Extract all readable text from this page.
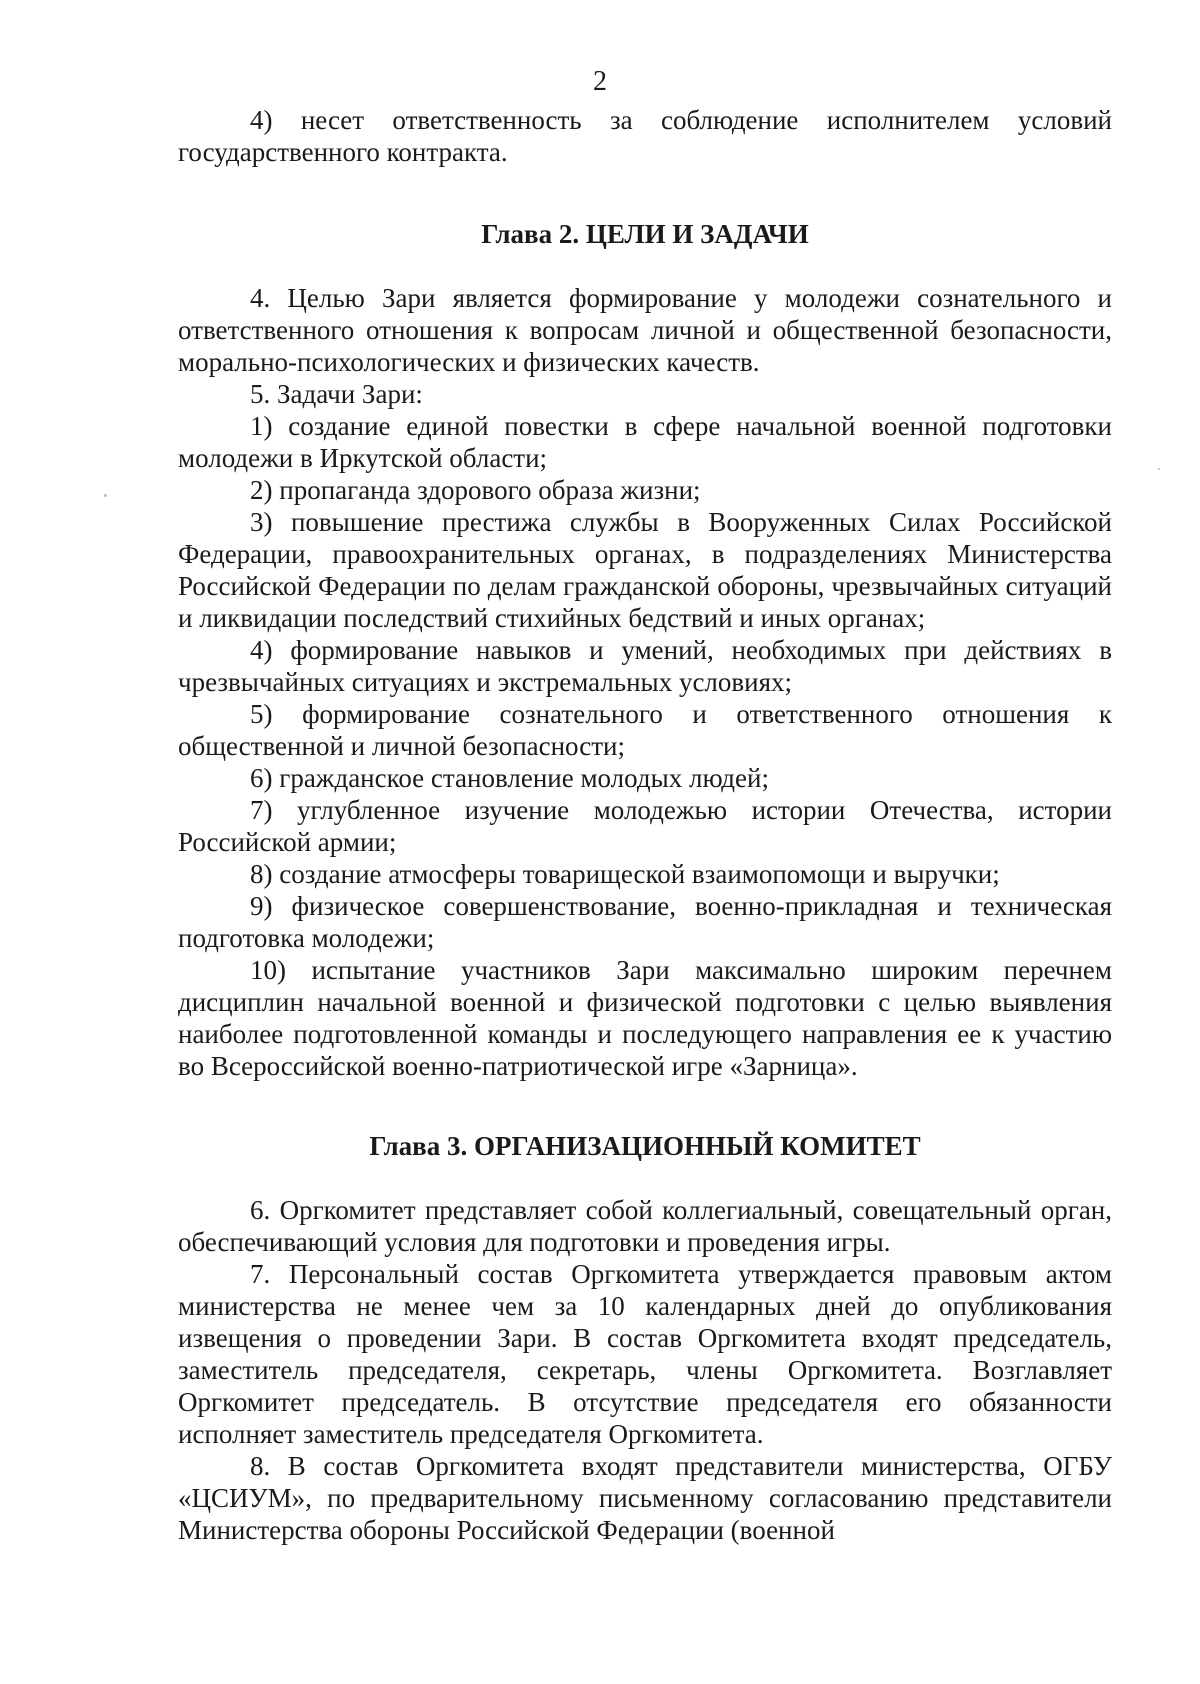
2

4) несет ответственность за соблюдение исполнителем условий государственного контракта.

Глава 2. ЦЕЛИ И ЗАДАЧИ

4. Целью Зари является формирование у молодежи сознательного и ответственного отношения к вопросам личной и общественной безопасности, морально-психологических и физических качеств.

5. Задачи Зари:

1) создание единой повестки в сфере начальной военной подготовки молодежи в Иркутской области;

2) пропаганда здорового образа жизни;

3) повышение престижа службы в Вооруженных Силах Российской Федерации, правоохранительных органах, в подразделениях Министерства Российской Федерации по делам гражданской обороны, чрезвычайных ситуаций и ликвидации последствий стихийных бедствий и иных органах;

4) формирование навыков и умений, необходимых при действиях в чрезвычайных ситуациях и экстремальных условиях;

5) формирование сознательного и ответственного отношения к общественной и личной безопасности;

6) гражданское становление молодых людей;

7) углубленное изучение молодежью истории Отечества, истории Российской армии;

8) создание атмосферы товарищеской взаимопомощи и выручки;

9) физическое совершенствование, военно-прикладная и техническая подготовка молодежи;

10) испытание участников Зари максимально широким перечнем дисциплин начальной военной и физической подготовки с целью выявления наиболее подготовленной команды и последующего направления ее к участию во Всероссийской военно-патриотической игре «Зарница».

Глава 3. ОРГАНИЗАЦИОННЫЙ КОМИТЕТ

6. Оргкомитет представляет собой коллегиальный, совещательный орган, обеспечивающий условия для подготовки и проведения игры.

7. Персональный состав Оргкомитета утверждается правовым актом министерства не менее чем за 10 календарных дней до опубликования извещения о проведении Зари. В состав Оргкомитета входят председатель, заместитель председателя, секретарь, члены Оргкомитета. Возглавляет Оргкомитет председатель. В отсутствие председателя его обязанности исполняет заместитель председателя Оргкомитета.

8. В состав Оргкомитета входят представители министерства, ОГБУ «ЦСИУМ», по предварительному письменному согласованию представители Министерства обороны Российской Федерации (военной
